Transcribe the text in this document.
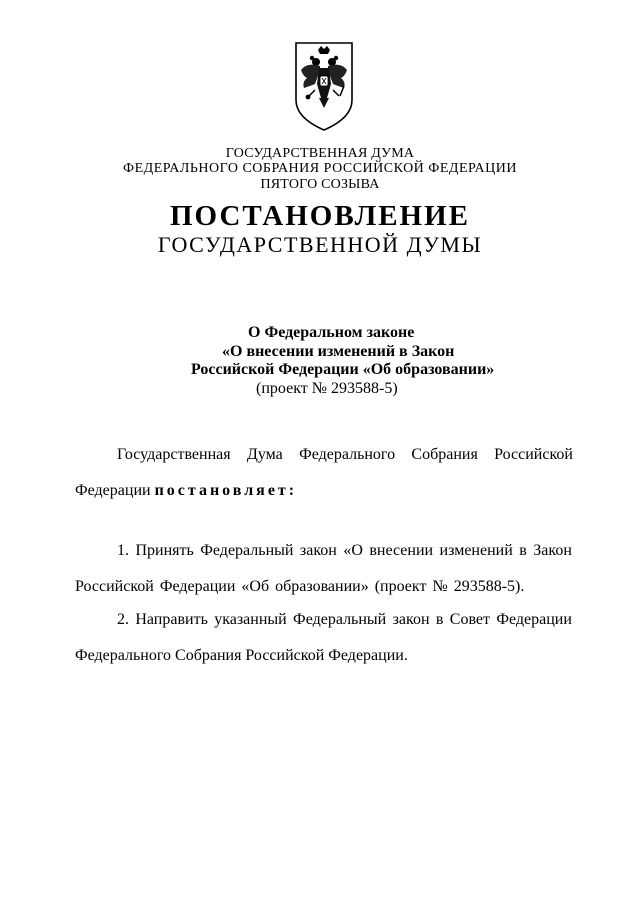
ГОСУДАРСТВЕННАЯ ДУМА
ФЕДЕРАЛЬНОГО СОБРАНИЯ РОССИЙСКОЙ ФЕДЕРАЦИИ
ПЯТОГО СОЗЫВА
ПОСТАНОВЛЕНИЕ
ГОСУДАРСТВЕННОЙ ДУМЫ
О Федеральном законе
«О внесении изменений в Закон
Российской Федерации «Об образовании»
(проект № 293588-5)
Государственная Дума Федерального Собрания Российской
Федерации постановляет:
1. Принять Федеральный закон «О внесении изменений в Закон
Российской Федерации «Об образовании» (проект № 293588-5).
2. Направить указанный Федеральный закон в Совет Федерации
Федерального Собрания Российской Федерации.
